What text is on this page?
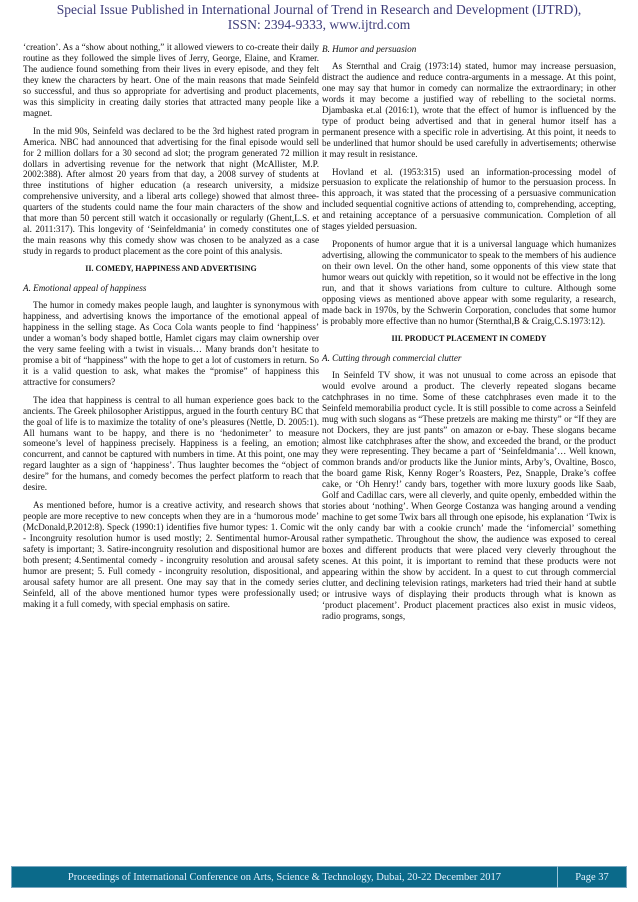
Special Issue Published in International Journal of Trend in Research and Development (IJTRD),
ISSN: 2394-9333, www.ijtrd.com

‘creation’. As a “show about nothing,” it allowed viewers to co-create their daily routine as they followed the simple lives of Jerry, George, Elaine, and Kramer. The audience found something from their lives in every episode, and they felt they knew the characters by heart. One of the main reasons that made Seinfeld so successful, and thus so appropriate for advertising and product placements, was this simplicity in creating daily stories that attracted many people like a magnet.

In the mid 90s, Seinfeld was declared to be the 3rd highest rated program in America. NBC had announced that advertising for the final episode would sell for 2 million dollars for a 30 second ad slot; the program generated 72 million dollars in advertising revenue for the network that night (McAllister, M.P. 2002:388). After almost 20 years from that day, a 2008 survey of students at three institutions of higher education (a research university, a midsize comprehensive university, and a liberal arts college) showed that almost three-quarters of the students could name the four main characters of the show and that more than 50 percent still watch it occasionally or regularly (Ghent,L.S. et al. 2011:317). This longevity of ‘Seinfeldmania’ in comedy constitutes one of the main reasons why this comedy show was chosen to be analyzed as a case study in regards to product placement as the core point of this analysis.

II. COMEDY, HAPPINESS AND ADVERTISING

A. Emotional appeal of happiness

The humor in comedy makes people laugh, and laughter is synonymous with happiness, and advertising knows the importance of the emotional appeal of happiness in the selling stage. As Coca Cola wants people to find ‘happiness’ under a woman’s body shaped bottle, Hamlet cigars may claim ownership over the very same feeling with a twist in visuals… Many brands don’t hesitate to promise a bit of “happiness” with the hope to get a lot of customers in return. So it is a valid question to ask, what makes the “promise” of happiness this attractive for consumers?

The idea that happiness is central to all human experience goes back to the ancients. The Greek philosopher Aristippus, argued in the fourth century BC that the goal of life is to maximize the totality of one’s pleasures (Nettle, D. 2005:1). All humans want to be happy, and there is no ‘hedonimeter’ to measure someone’s level of happiness precisely. Happiness is a feeling, an emotion; concurrent, and cannot be captured with numbers in time. At this point, one may regard laughter as a sign of ‘happiness’. Thus laughter becomes the “object of desire” for the humans, and comedy becomes the perfect platform to reach that desire.

As mentioned before, humor is a creative activity, and research shows that people are more receptive to new concepts when they are in a ‘humorous mode’ (McDonald,P.2012:8). Speck (1990:1) identifies five humor types: 1. Comic wit - Incongruity resolution humor is used mostly; 2. Sentimental humor-Arousal safety is important; 3. Satire-incongruity resolution and dispositional humor are both present; 4.Sentimental comedy - incongruity resolution and arousal safety humor are present; 5. Full comedy - incongruity resolution, dispositional, and arousal safety humor are all present. One may say that in the comedy series Seinfeld, all of the above mentioned humor types were professionally used; making it a full comedy, with special emphasis on satire.

B. Humor and persuasion

As Sternthal and Craig (1973:14) stated, humor may increase persuasion, distract the audience and reduce contra-arguments in a message. At this point, one may say that humor in comedy can normalize the extraordinary; in other words it may become a justified way of rebelling to the societal norms. Djambaska et.al (2016:1), wrote that the effect of humor is influenced by the type of product being advertised and that in general humor itself has a permanent presence with a specific role in advertising. At this point, it needs to be underlined that humor should be used carefully in advertisements; otherwise it may result in resistance.

Hovland et al. (1953:315) used an information-processing model of persuasion to explicate the relationship of humor to the persuasion process. In this approach, it was stated that the processing of a persuasive communication included sequential cognitive actions of attending to, comprehending, accepting, and retaining acceptance of a persuasive communication. Completion of all stages yielded persuasion.

Proponents of humor argue that it is a universal language which humanizes advertising, allowing the communicator to speak to the members of his audience on their own level. On the other hand, some opponents of this view state that humor wears out quickly with repetition, so it would not be effective in the long run, and that it shows variations from culture to culture. Although some opposing views as mentioned above appear with some regularity, a research, made back in 1970s, by the Schwerin Corporation, concludes that some humor is probably more effective than no humor (Sternthal,B & Craig,C.S.1973:12).

III. PRODUCT PLACEMENT IN COMEDY

A. Cutting through commercial clutter

In Seinfeld TV show, it was not unusual to come across an episode that would evolve around a product. The cleverly repeated slogans became catchphrases in no time. Some of these catchphrases even made it to the Seinfeld memorabilia product cycle. It is still possible to come across a Seinfeld mug with such slogans as “These pretzels are making me thirsty” or “If they are not Dockers, they are just pants” on amazon or e-bay. These slogans became almost like catchphrases after the show, and exceeded the brand, or the product they were representing. They became a part of ‘Seinfeldmania’… Well known, common brands and/or products like the Junior mints, Arby’s, Ovaltine, Bosco, the board game Risk, Kenny Roger’s Roasters, Pez, Snapple, Drake’s coffee cake, or ‘Oh Henry!’ candy bars, together with more luxury goods like Saab, Golf and Cadillac cars, were all cleverly, and quite openly, embedded within the stories about ‘nothing’. When George Costanza was hanging around a vending machine to get some Twix bars all through one episode, his explanation ‘Twix is the only candy bar with a cookie crunch’ made the ‘infomercial’ something rather sympathetic. Throughout the show, the audience was exposed to cereal boxes and different products that were placed very cleverly throughout the scenes. At this point, it is important to remind that these products were not appearing within the show by accident. In a quest to cut through commercial clutter, and declining television ratings, marketers had tried their hand at subtle or intrusive ways of displaying their products through what is known as ‘product placement’. Product placement practices also exist in music videos, radio programs, songs,

Proceedings of International Conference on Arts, Science & Technology, Dubai, 20-22 December 2017	Page 37
